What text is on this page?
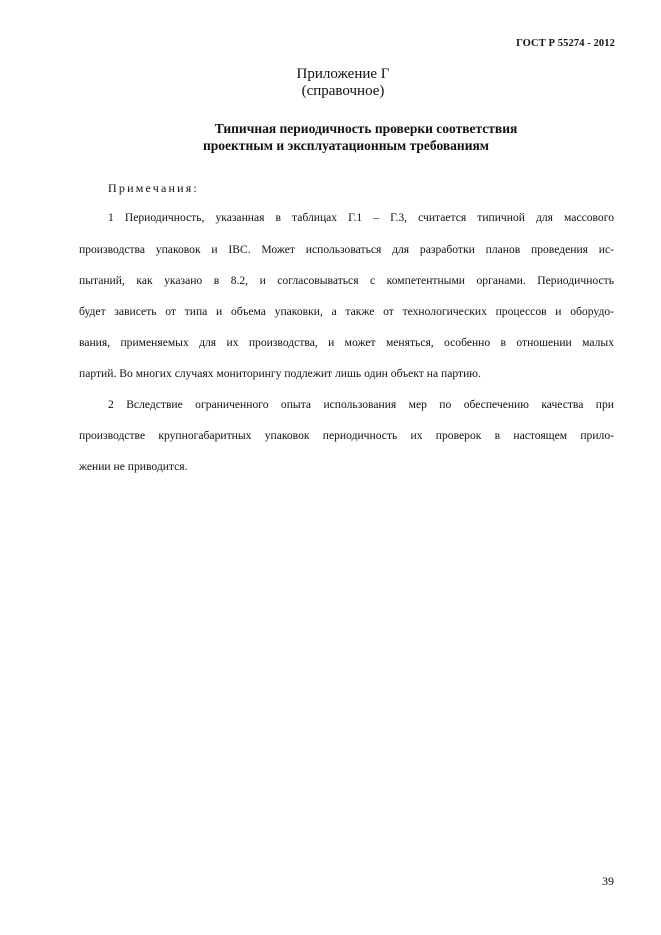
ГОСТ Р 55274 - 2012
Приложение Г
(справочное)
Типичная периодичность проверки соответствия
проектным и эксплуатационным требованиям
Примечания:
1 Периодичность, указанная в таблицах Г.1 – Г.3, считается типичной для массового
производства упаковок и IBC. Может использоваться для разработки планов проведения ис-
пытаний, как указано в 8.2, и согласовываться с компетентными органами. Периодичность
будет зависеть от типа и объема упаковки, а также от технологических процессов и оборудо-
вания, применяемых для их производства, и может меняться, особенно в отношении малых
партий. Во многих случаях мониторингу подлежит лишь один объект на партию.
2 Вследствие ограниченного опыта использования мер по обеспечению качества при
производстве крупногабаритных упаковок периодичность их проверок в настоящем прило-
жении не приводится.
39
